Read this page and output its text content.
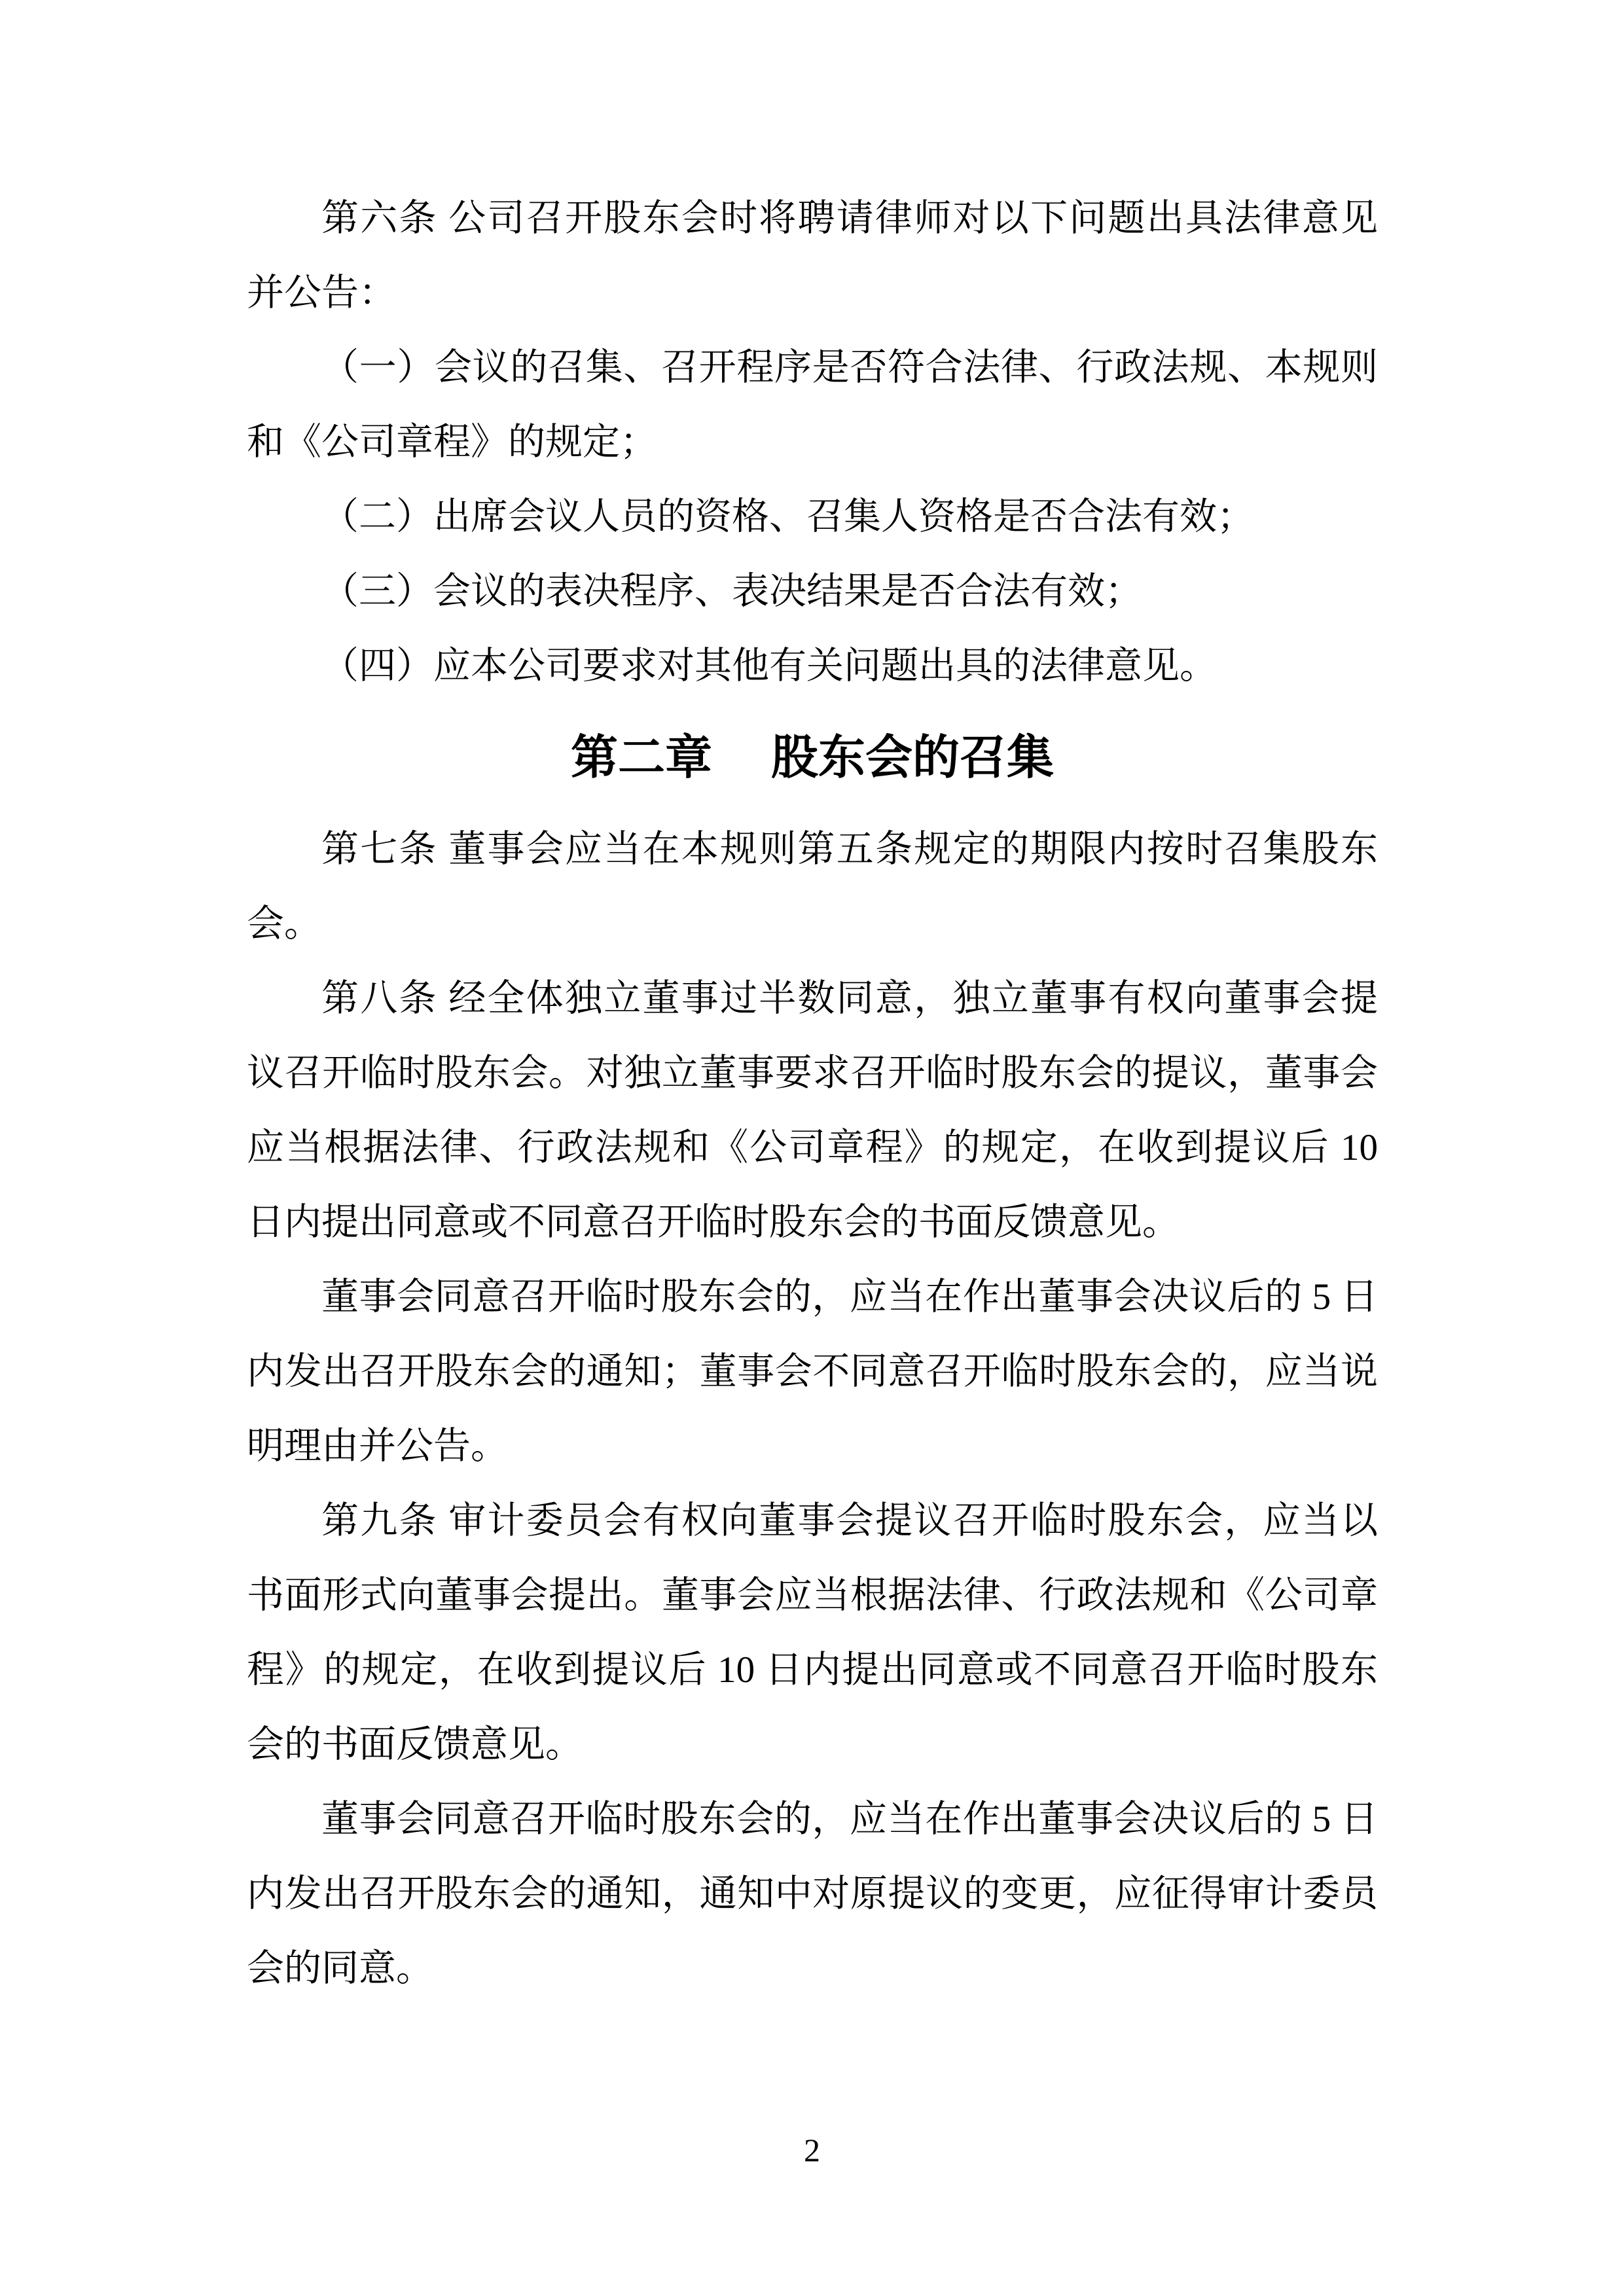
第六条 公司召开股东会时将聘请律师对以下问题出具法律意见
并公告：
（一）会议的召集、召开程序是否符合法律、行政法规、本规则
和《公司章程》的规定；
（二）出席会议人员的资格、召集人资格是否合法有效；
（三）会议的表决程序、表决结果是否合法有效；
（四）应本公司要求对其他有关问题出具的法律意见。
第二章 股东会的召集
第七条 董事会应当在本规则第五条规定的期限内按时召集股东
会。
第八条 经全体独立董事过半数同意，独立董事有权向董事会提
议召开临时股东会。对独立董事要求召开临时股东会的提议，董事会
应当根据法律、行政法规和《公司章程》的规定，在收到提议后 10
日内提出同意或不同意召开临时股东会的书面反馈意见。
董事会同意召开临时股东会的，应当在作出董事会决议后的 5 日
内发出召开股东会的通知；董事会不同意召开临时股东会的，应当说
明理由并公告。
第九条 审计委员会有权向董事会提议召开临时股东会，应当以
书面形式向董事会提出。董事会应当根据法律、行政法规和《公司章
程》的规定，在收到提议后 10 日内提出同意或不同意召开临时股东
会的书面反馈意见。
董事会同意召开临时股东会的，应当在作出董事会决议后的 5 日
内发出召开股东会的通知，通知中对原提议的变更，应征得审计委员
会的同意。
2
